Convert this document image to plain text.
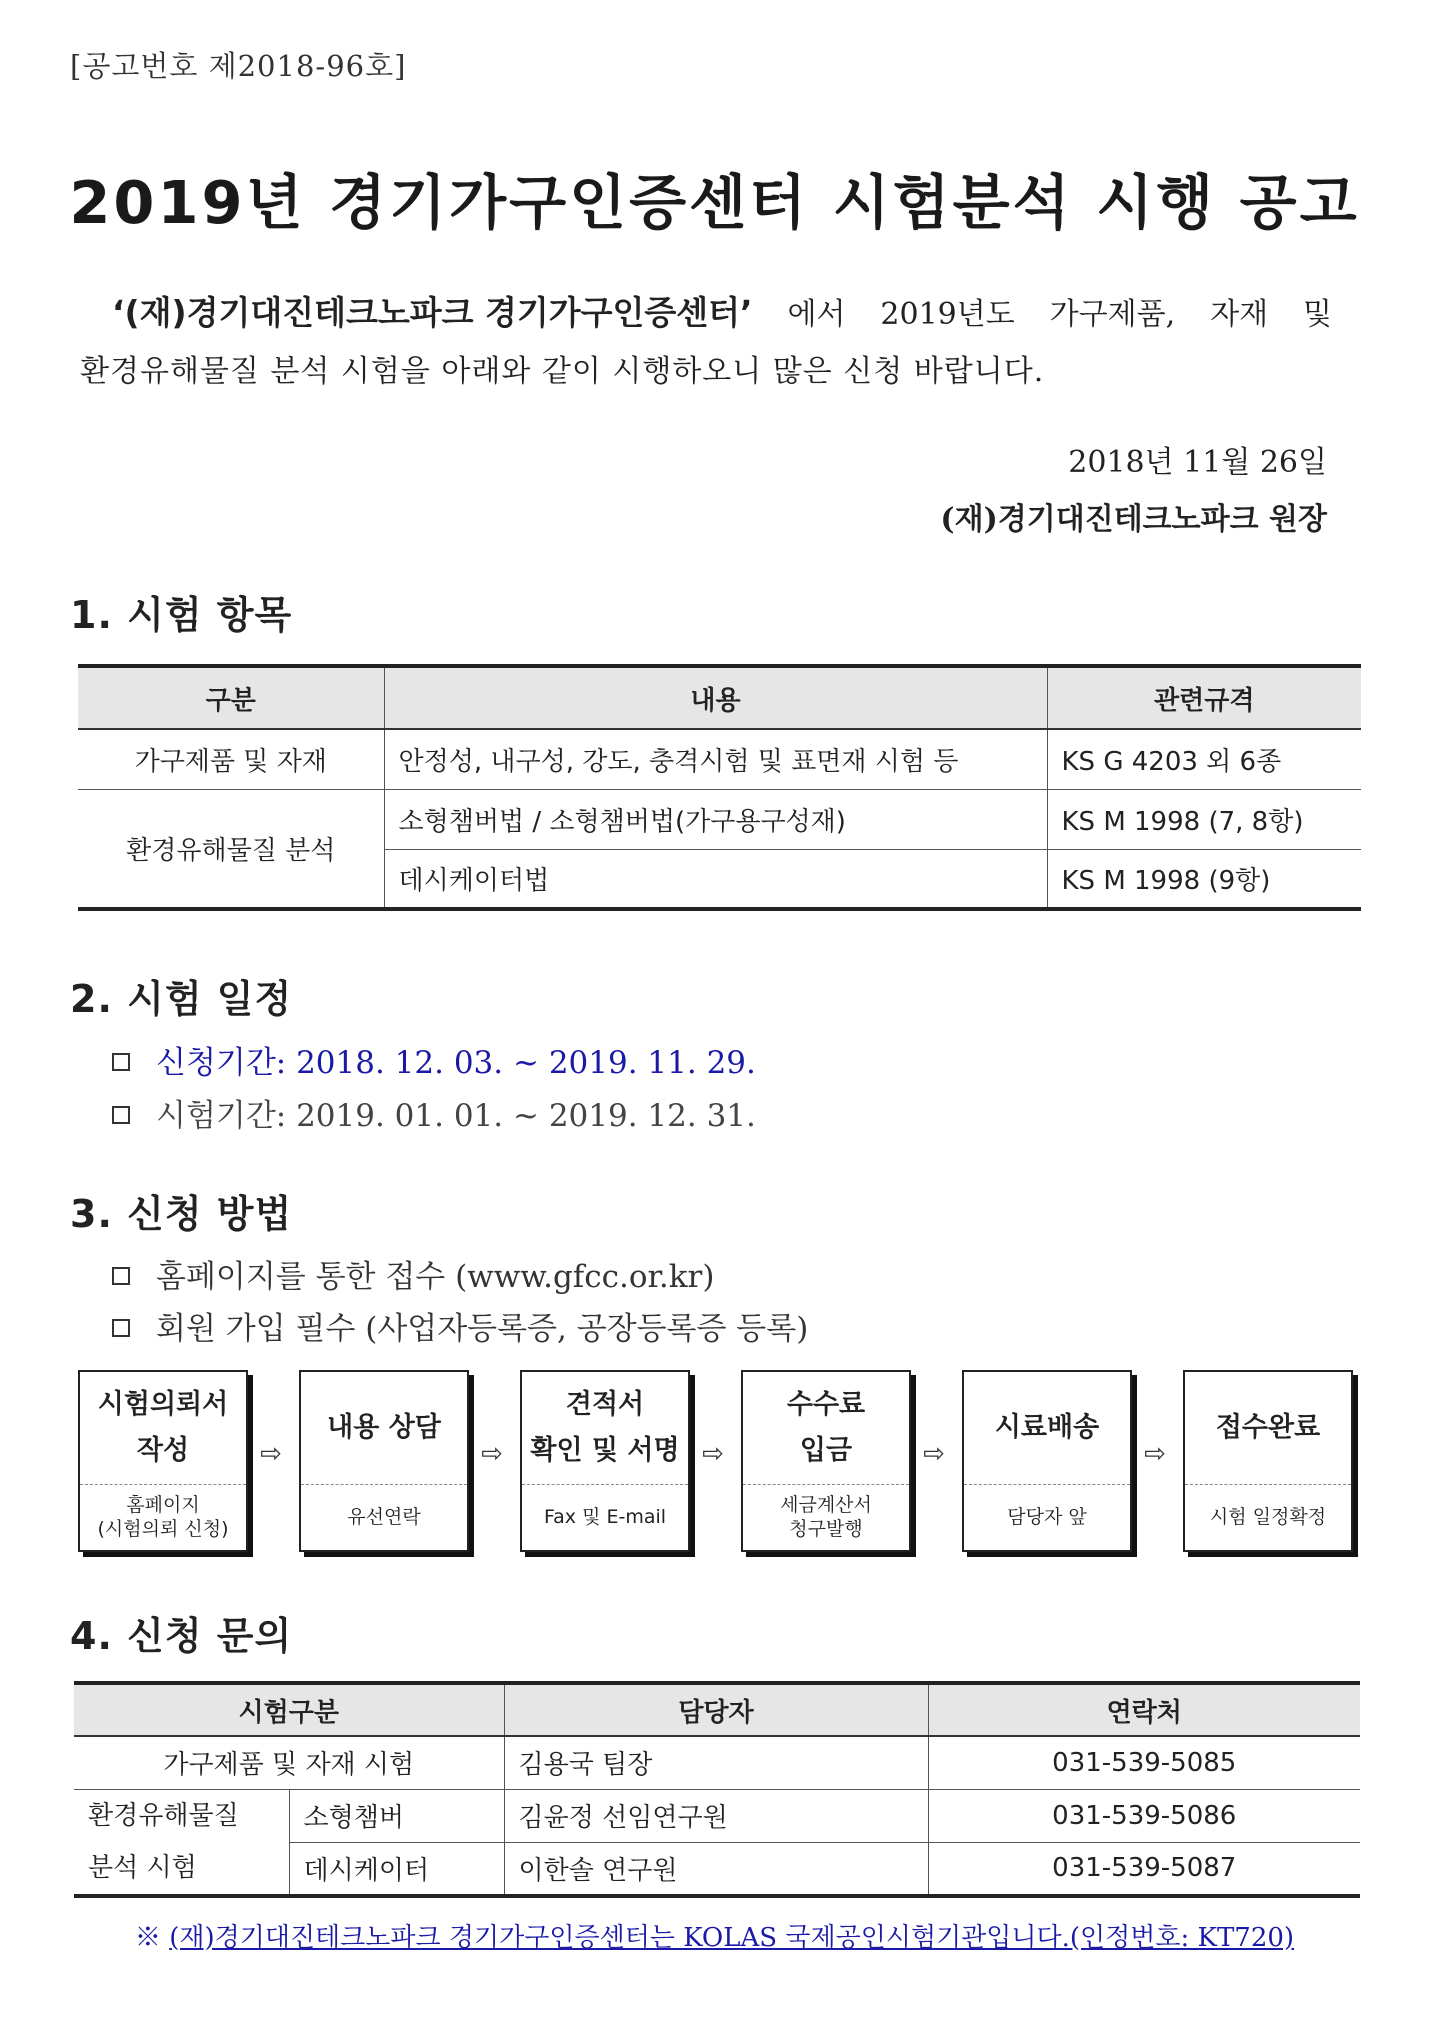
[공고번호 제2018-96호]
2019년 경기가구인증센터 시험분석 시행 공고
‘(재)경기대진테크노파크 경기가구인증센터’ 에서 2019년도 가구제품, 자재 및
환경유해물질 분석 시험을 아래와 같이 시행하오니 많은 신청 바랍니다.
2018년 11월 26일
(재)경기대진테크노파크 원장
1. 시험 항목
구분	내용	관련규격
가구제품 및 자재	안정성, 내구성, 강도, 충격시험 및 표면재 시험 등	KS G 4203 외 6종
환경유해물질 분석	소형챔버법 / 소형챔버법(가구용구성재)	KS M 1998 (7, 8항)
	데시케이터법	KS M 1998 (9항)
2. 시험 일정
신청기간: 2018. 12. 03. ~ 2019. 11. 29.
시험기간: 2019. 01. 01. ~ 2019. 12. 31.
3. 신청 방법
홈페이지를 통한 접수 (www.gfcc.or.kr)
회원 가입 필수 (사업자등록증, 공장등록증 등록)
시험의뢰서
작성
홈페이지
(시험의뢰 신청)
⇨
내용 상담
유선연락
⇨
견적서
확인 및 서명
Fax 및 E-mail
⇨
수수료
입금
세금계산서
청구발행
⇨
시료배송
담당자 앞
⇨
접수완료
시험 일정확정
4. 신청 문의
시험구분		담당자	연락처
가구제품 및 자재 시험		김용국 팀장	031-539-5085

환경유해물질
분석 시험	소형챔버	김윤정 선임연구원	031-539-5086
	데시케이터	이한솔 연구원	031-539-5087
※ (재)경기대진테크노파크 경기가구인증센터는 KOLAS 국제공인시험기관입니다.(인정번호: KT720)
